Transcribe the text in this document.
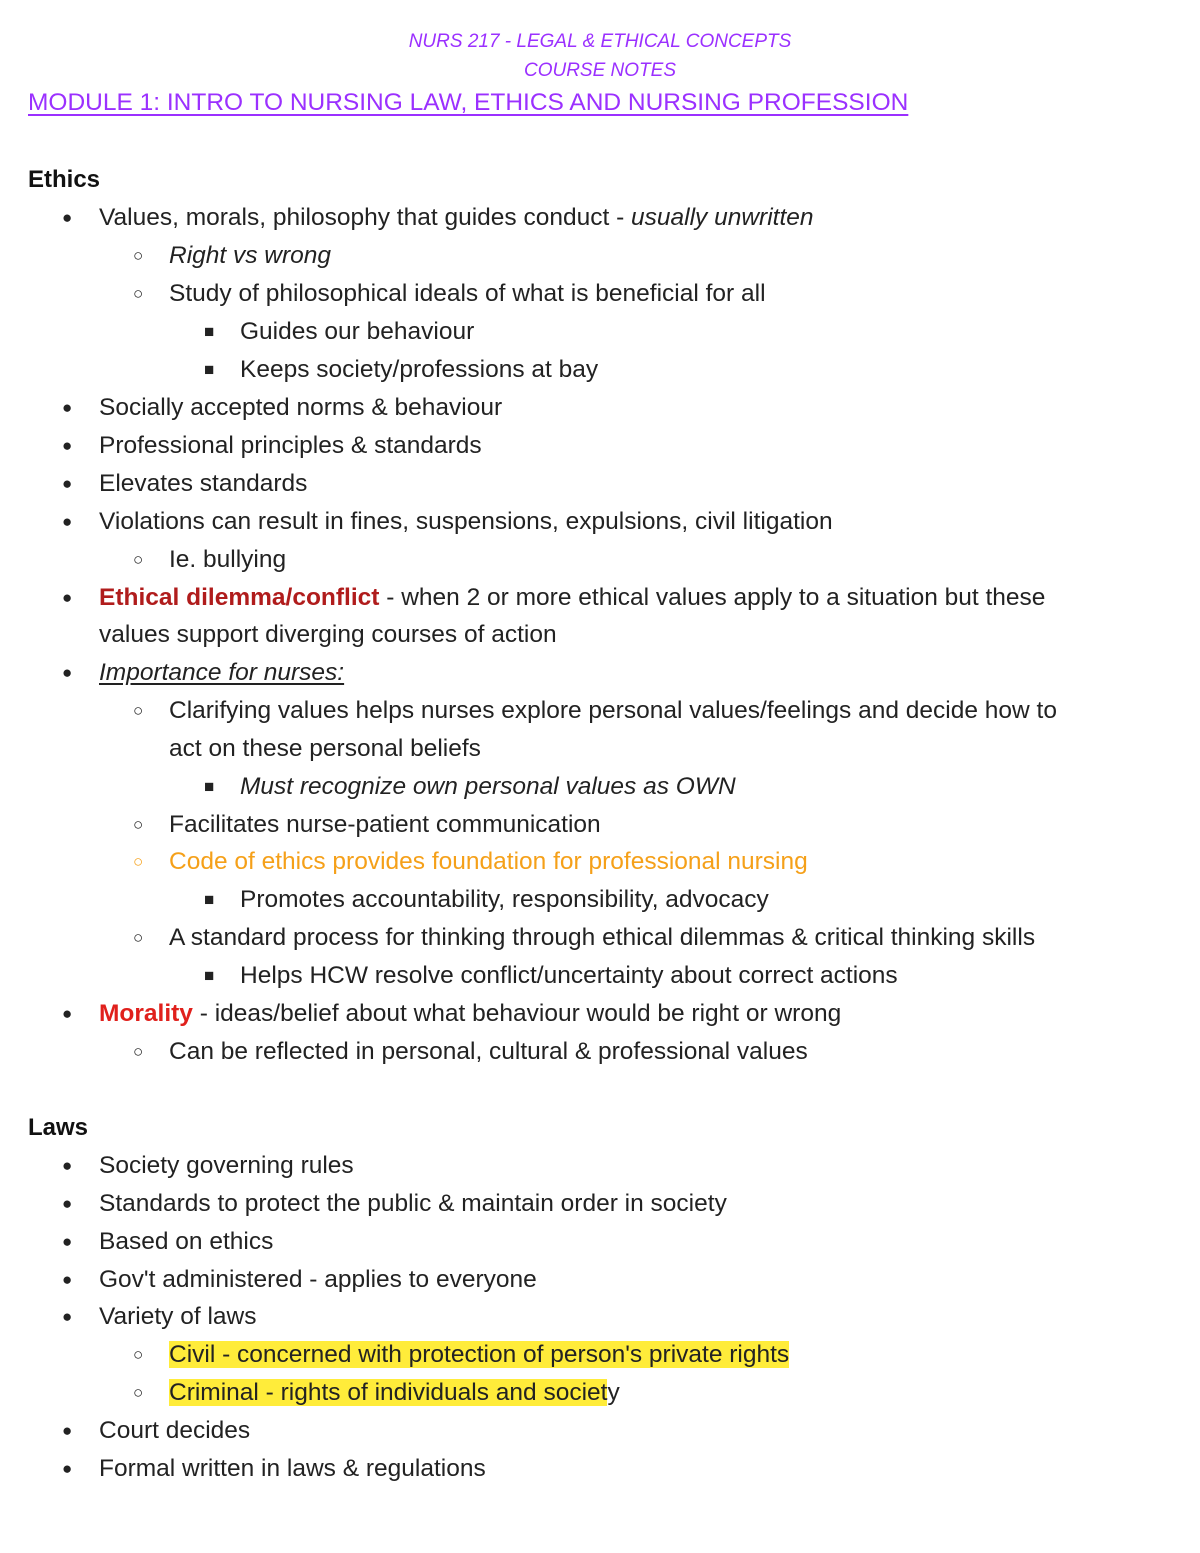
NURS 217 - LEGAL & ETHICAL CONCEPTS
COURSE NOTES
MODULE 1: INTRO TO NURSING LAW, ETHICS AND NURSING PROFESSION
Ethics
● Values, morals, philosophy that guides conduct - usually unwritten
○ Right vs wrong
○ Study of philosophical ideals of what is beneficial for all
■ Guides our behaviour
■ Keeps society/professions at bay
● Socially accepted norms & behaviour
● Professional principles & standards
● Elevates standards
● Violations can result in fines, suspensions, expulsions, civil litigation
○ Ie. bullying
● Ethical dilemma/conflict - when 2 or more ethical values apply to a situation but these
values support diverging courses of action
● Importance for nurses:
○ Clarifying values helps nurses explore personal values/feelings and decide how to
act on these personal beliefs
■ Must recognize own personal values as OWN
○ Facilitates nurse-patient communication
○ Code of ethics provides foundation for professional nursing
■ Promotes accountability, responsibility, advocacy
○ A standard process for thinking through ethical dilemmas & critical thinking skills
■ Helps HCW resolve conflict/uncertainty about correct actions
● Morality - ideas/belief about what behaviour would be right or wrong
○ Can be reflected in personal, cultural & professional values
Laws
● Society governing rules
● Standards to protect the public & maintain order in society
● Based on ethics
● Gov't administered - applies to everyone
● Variety of laws
○ Civil - concerned with protection of person's private rights
○ Criminal - rights of individuals and society
● Court decides
● Formal written in laws & regulations
